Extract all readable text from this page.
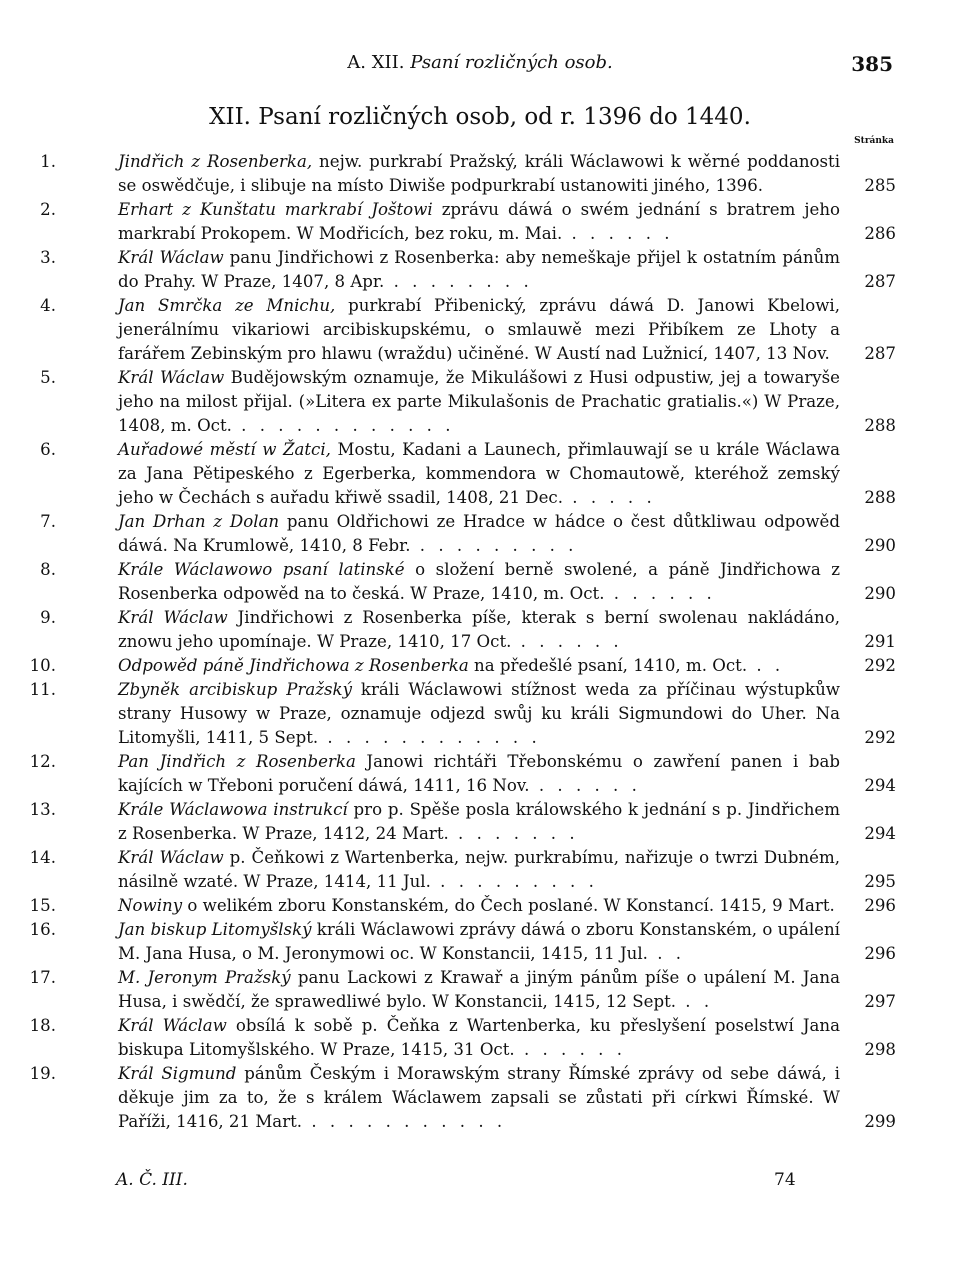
A. XII. Psaní rozličných osob.	385
XII. Psaní rozličných osob, od r. 1396 do 1440.
Stránka
1.	Jindřich z Rosenberka, nejw. purkrabí Pražský, králi Wáclawowi k wěrné poddanosti se oswědčuje, i slibuje na místo Diwiše podpurkrabí ustanowiti jiného, 1396.	285
2.	Erhart z Kunštatu markrabí Joštowi zprávu dáwá o swém jednání s bratrem jeho markrabí Prokopem. W Modřicích, bez roku, m. Mai. . . . . . .	286
3.	Král Wáclaw panu Jindřichowi z Rosenberka: aby nemeškaje přijel k ostatním pánům do Prahy. W Praze, 1407, 8 Apr. . . . . . . . .	287
4.	Jan Smrčka ze Mnichu, purkrabí Přibenický, zprávu dáwá D. Janowi Kbelowi, jenerálnímu vikariowi arcibiskupskému, o smlauwě mezi Přibíkem ze Lhoty a farářem Zebinským pro hlawu (wraždu) učiněné. W Austí nad Lužnicí, 1407, 13 Nov.	287
5.	Král Wáclaw Budějowským oznamuje, že Mikulášowi z Husi odpustiw, jej a towaryše jeho na milost přijal. (»Litera ex parte Mikulašonis de Prachatic gratialis.«) W Praze, 1408, m. Oct. . . . . . . . . . . . .	288
6.	Auřadowé městí w Žatci, Mostu, Kadani a Launech, přimlauwají se u krále Wáclawa za Jana Pětipeského z Egerberka, kommendora w Chomautowě, kteréhož zemský jeho w Čechách s auřadu křiwě ssadil, 1408, 21 Dec. . . . . .	288
7.	Jan Drhan z Dolan panu Oldřichowi ze Hradce w hádce o čest důtkliwau odpowěd dáwá. Na Krumlowě, 1410, 8 Febr. . . . . . . . . .	290
8.	Krále Wáclawowo psaní latinské o složení berně swolené, a páně Jindřichowa z Rosenberka odpowěd na to česká. W Praze, 1410, m. Oct. . . . . . .	290
9.	Král Wáclaw Jindřichowi z Rosenberka píše, kterak s berní swolenau nakládáno, znowu jeho upomínaje. W Praze, 1410, 17 Oct. . . . . . .	291
10.	Odpowěd páně Jindřichowa z Rosenberka na předešlé psaní, 1410, m. Oct. . .	292
11.	Zbyněk arcibiskup Pražský králi Wáclawowi stížnost weda za příčinau wýstupkůw strany Husowy w Praze, oznamuje odjezd swůj ku králi Sigmundowi do Uher. Na Litomyšli, 1411, 5 Sept. . . . . . . . . . . . .	292
12.	Pan Jindřich z Rosenberka Janowi richtáři Třebonskému o zawření panen i bab kajících w Třeboni poručení dáwá, 1411, 16 Nov. . . . . . .	294
13.	Krále Wáclawowa instrukcí pro p. Spěše posla králowského k jednání s p. Jindřichem z Rosenberka. W Praze, 1412, 24 Mart. . . . . . . .	294
14.	Král Wáclaw p. Čeňkowi z Wartenberka, nejw. purkrabímu, nařizuje o twrzi Dubném, násilně wzaté. W Praze, 1414, 11 Jul. . . . . . . . . .	295
15.	Nowiny o welikém zboru Konstanském, do Čech poslané. W Konstancí. 1415, 9 Mart.	296
16.	Jan biskup Litomyšlský králi Wáclawowi zprávy dáwá o zboru Konstanském, o upálení M. Jana Husa, o M. Jeronymowi oc. W Konstancii, 1415, 11 Jul. . .	296
17.	M. Jeronym Pražský panu Lackowi z Krawař a jiným pánům píše o upálení M. Jana Husa, i swědčí, že sprawedliwé bylo. W Konstancii, 1415, 12 Sept. . .	297
18.	Král Wáclaw obsílá k sobě p. Čeňka z Wartenberka, ku přeslyšení poselstwí Jana biskupa Litomyšlského. W Praze, 1415, 31 Oct. . . . . . .	298
19.	Král Sigmund pánům Českým i Morawským strany Římské zprávy od sebe dáwá, i děkuje jim za to, že s králem Wáclawem zapsali se zůstati při církwi Římské. W Paříži, 1416, 21 Mart. . . . . . . . . . . .	299
A. Č. III.	74
